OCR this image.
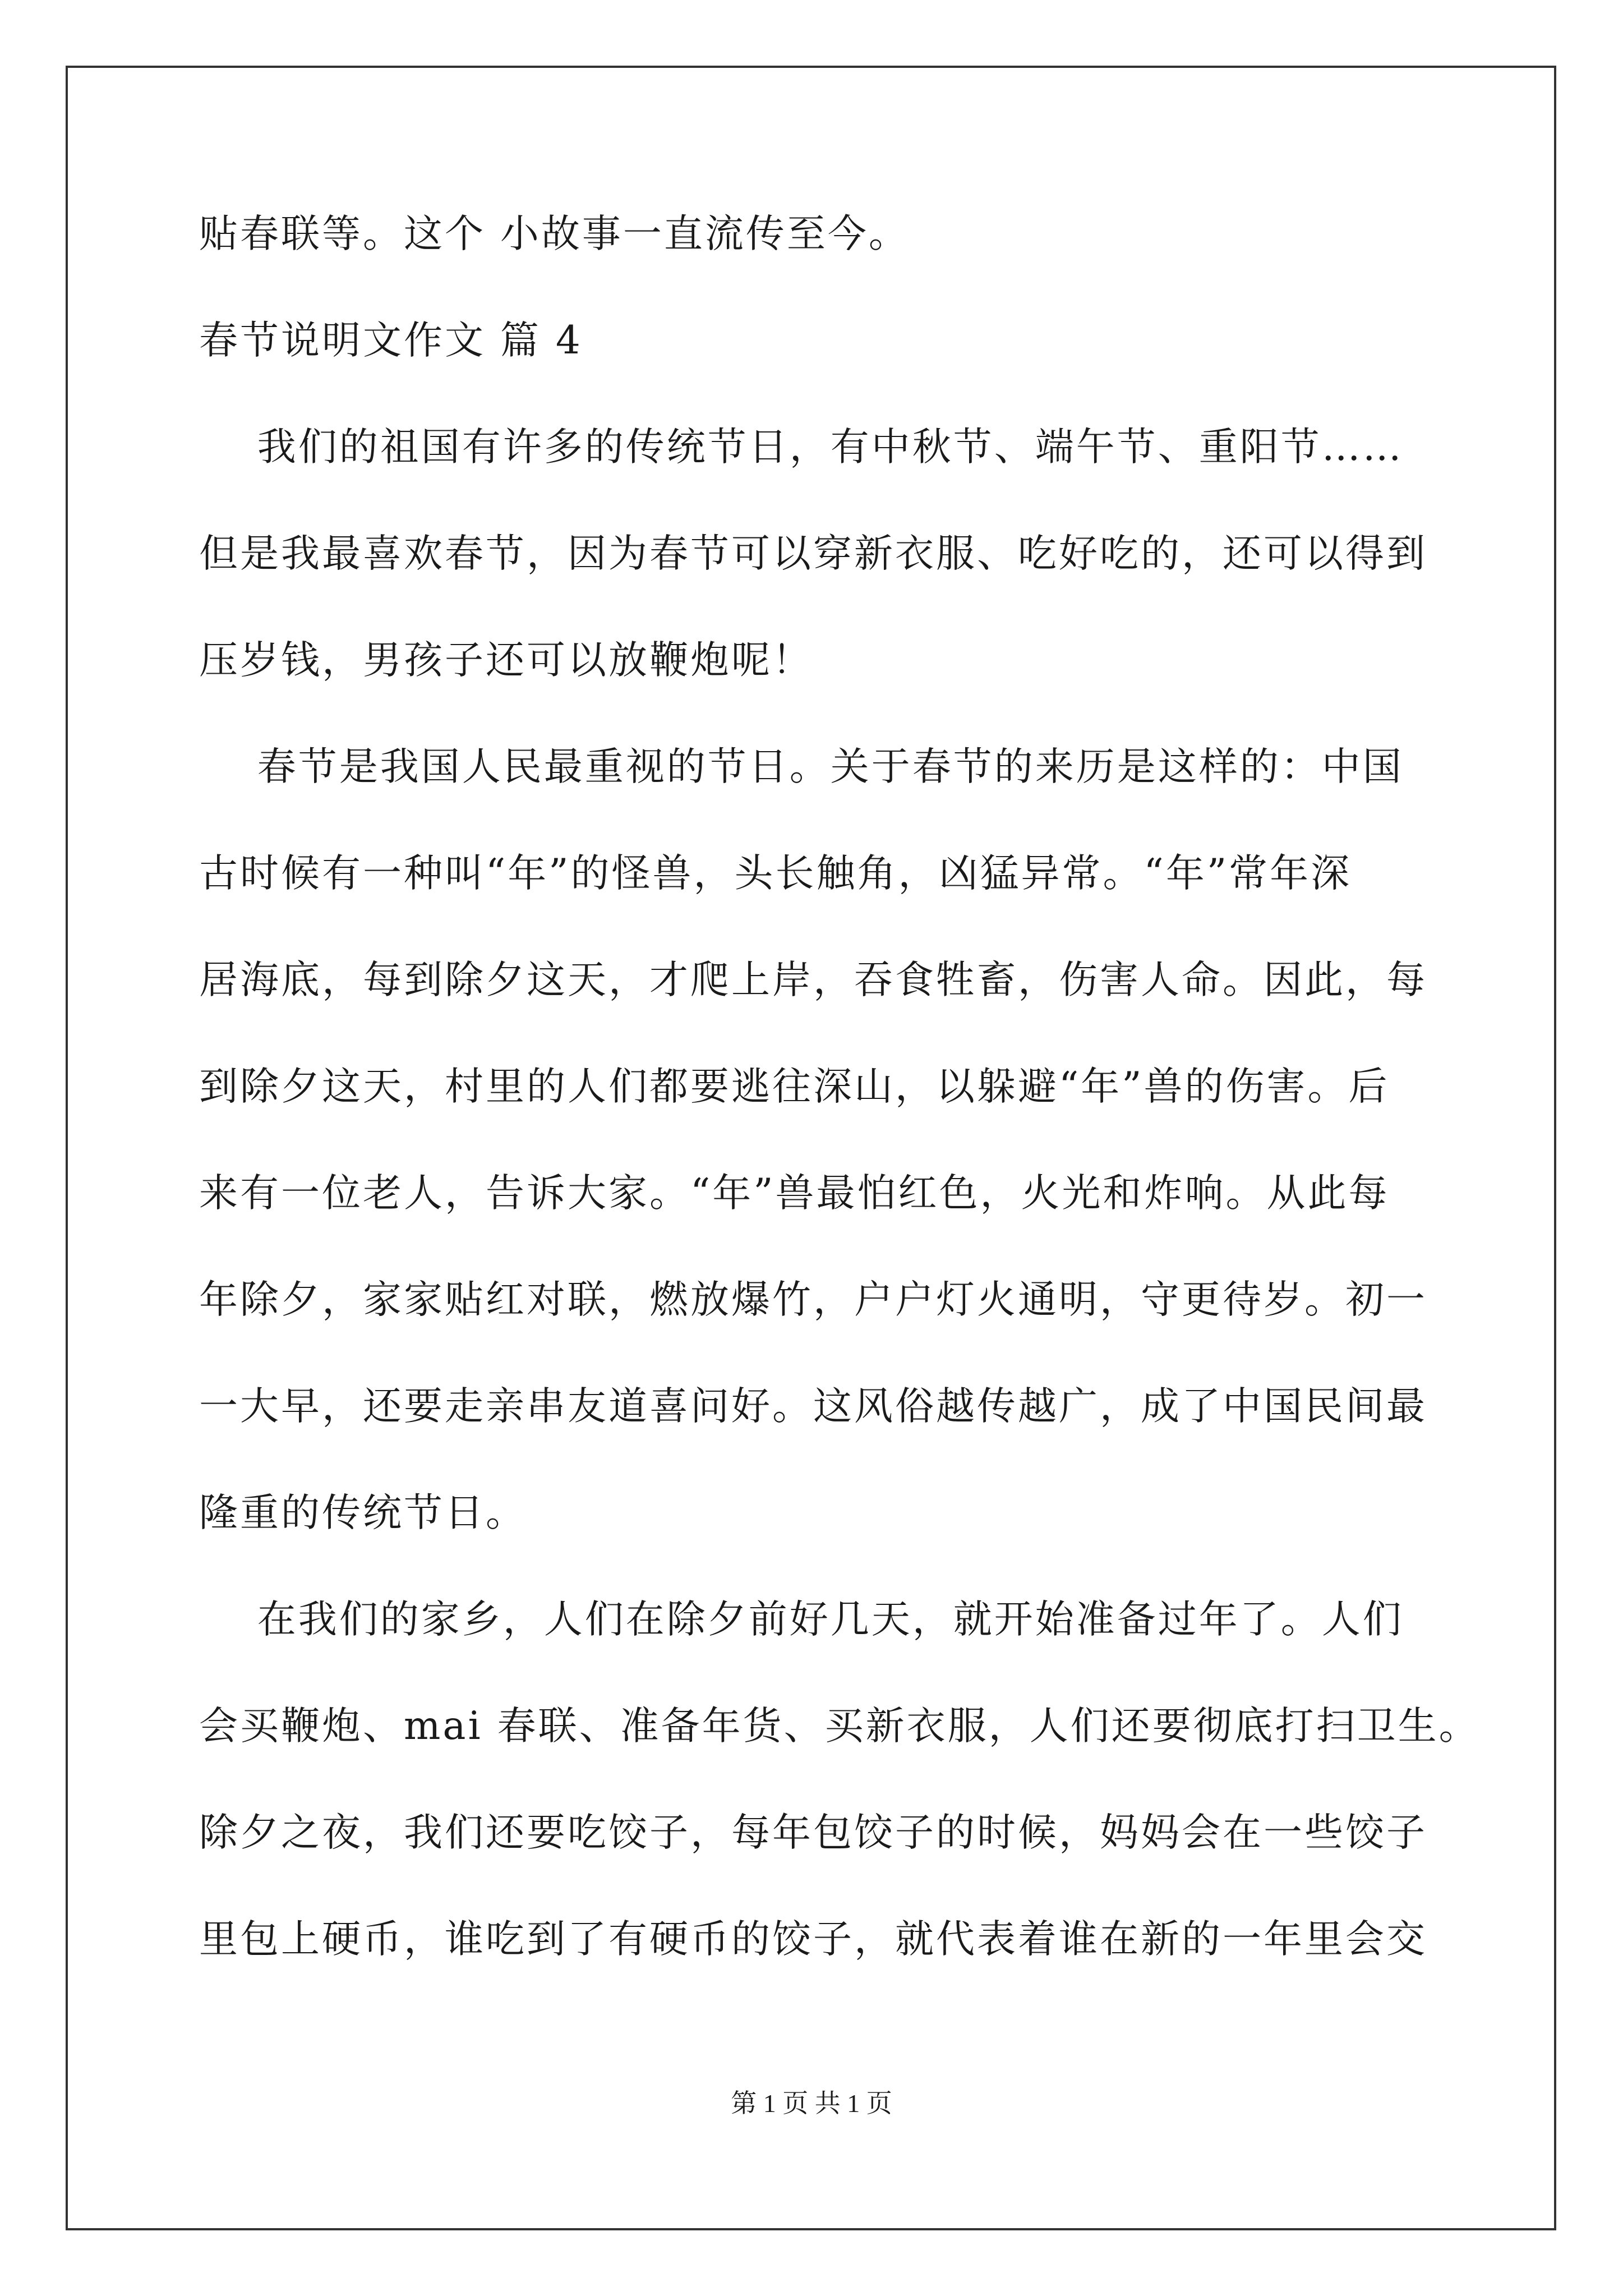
贴春联等。这个 小故事一直流传至今。
春节说明文作文 篇 4
我们的祖国有许多的传统节日，有中秋节、端午节、重阳节……
但是我最喜欢春节，因为春节可以穿新衣服、吃好吃的，还可以得到
压岁钱，男孩子还可以放鞭炮呢！
春节是我国人民最重视的节日。关于春节的来历是这样的：中国
古时候有一种叫“年”的怪兽，头长触角，凶猛异常。“年”常年深
居海底，每到除夕这天，才爬上岸，吞食牲畜，伤害人命。因此，每
到除夕这天，村里的人们都要逃往深山，以躲避“年”兽的伤害。后
来有一位老人，告诉大家。“年”兽最怕红色，火光和炸响。从此每
年除夕，家家贴红对联，燃放爆竹，户户灯火通明，守更待岁。初一
一大早，还要走亲串友道喜问好。这风俗越传越广，成了中国民间最
隆重的传统节日。
在我们的家乡，人们在除夕前好几天，就开始准备过年了。人们
会买鞭炮、mai 春联、准备年货、买新衣服，人们还要彻底打扫卫生。
除夕之夜，我们还要吃饺子，每年包饺子的时候，妈妈会在一些饺子
里包上硬币，谁吃到了有硬币的饺子，就代表着谁在新的一年里会交
第 1 页 共 1 页
